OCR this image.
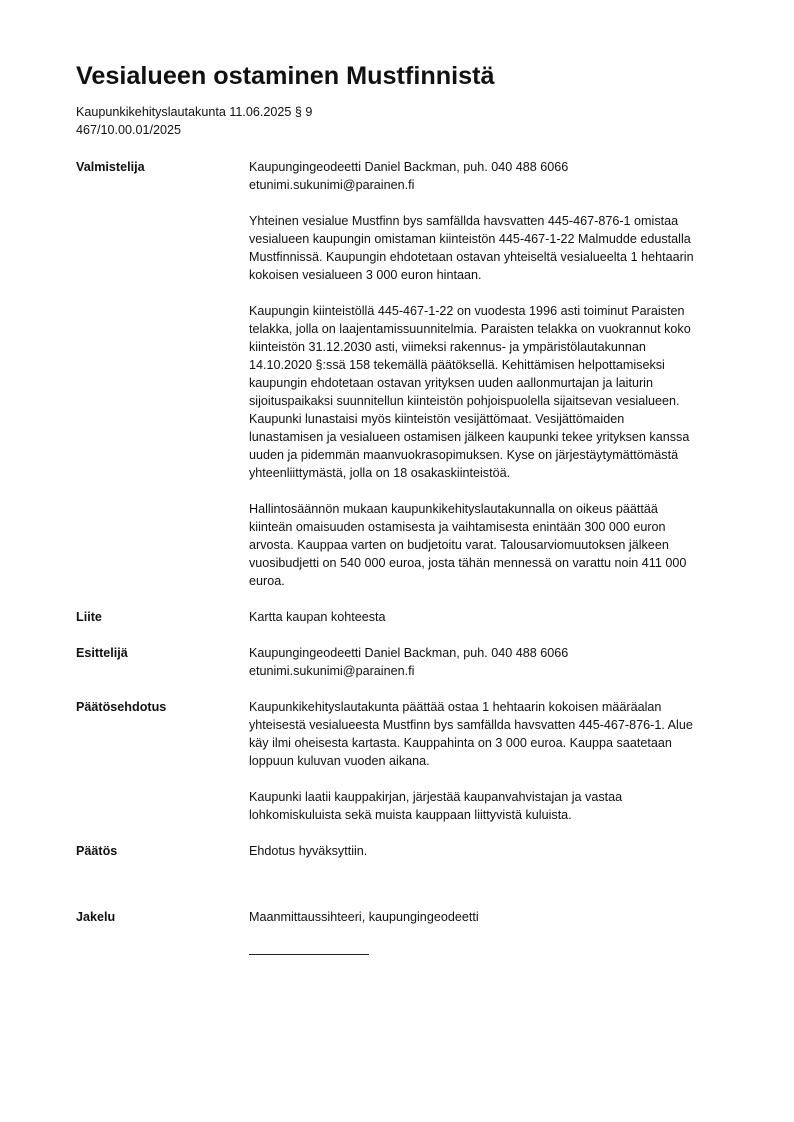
Vesialueen ostaminen Mustfinnistä
Kaupunkikehityslautakunta 11.06.2025 § 9
467/10.00.01/2025
Valmistelija	Kaupungingeodeetti Daniel Backman, puh. 040 488 6066
etunimi.sukunimi@parainen.fi

Yhteinen vesialue Mustfinn bys samfällda havsvatten 445-467-876-1 omistaa
vesialueen kaupungin omistaman kiinteistön 445-467-1-22 Malmudde edustalla
Mustfinnissä. Kaupungin ehdotetaan ostavan yhteiseltä vesialueelta 1 hehtaarin
kokoisen vesialueen 3 000 euron hintaan.

Kaupungin kiinteistöllä 445-467-1-22 on vuodesta 1996 asti toiminut Paraisten
telakka, jolla on laajentamissuunnitelmia. Paraisten telakka on vuokrannut koko
kiinteistön 31.12.2030 asti, viimeksi rakennus- ja ympäristölautakunnan
14.10.2020 §:ssä 158 tekemällä päätöksellä. Kehittämisen helpottamiseksi
kaupungin ehdotetaan ostavan yrityksen uuden aallonmurtajan ja laiturin
sijoituspaikaksi suunnitellun kiinteistön pohjoispuolella sijaitsevan vesialueen.
Kaupunki lunastaisi myös kiinteistön vesijättömaat. Vesijättömaiden
lunastamisen ja vesialueen ostamisen jälkeen kaupunki tekee yrityksen kanssa
uuden ja pidemmän maanvuokrasopimuksen. Kyse on järjestäytymättömästä
yhteenliittymästä, jolla on 18 osakaskiinteistöä.

Hallintosäännön mukaan kaupunkikehityslautakunnalla on oikeus päättää
kiinteän omaisuuden ostamisesta ja vaihtamisesta enintään 300 000 euron
arvosta. Kauppaa varten on budjetoitu varat. Talousarviomuutoksen jälkeen
vuosibudjetti on 540 000 euroa, josta tähän mennessä on varattu noin 411 000
euroa.

Liite	Kartta kaupan kohteesta

Esittelijä	Kaupungingeodeetti Daniel Backman, puh. 040 488 6066
etunimi.sukunimi@parainen.fi

Päätösehdotus	Kaupunkikehityslautakunta päättää ostaa 1 hehtaarin kokoisen määräalan
yhteisestä vesialueesta Mustfinn bys samfällda havsvatten 445-467-876-1. Alue
käy ilmi oheisesta kartasta. Kauppahinta on 3 000 euroa. Kauppa saatetaan
loppuun kuluvan vuoden aikana.

Kaupunki laatii kauppakirjan, järjestää kaupanvahvistajan ja vastaa
lohkomiskuluista sekä muista kauppaan liittyvistä kuluista.

Päätös	Ehdotus hyväksyttiin.

Jakelu	Maanmittaussihteeri, kaupungingeodeetti
